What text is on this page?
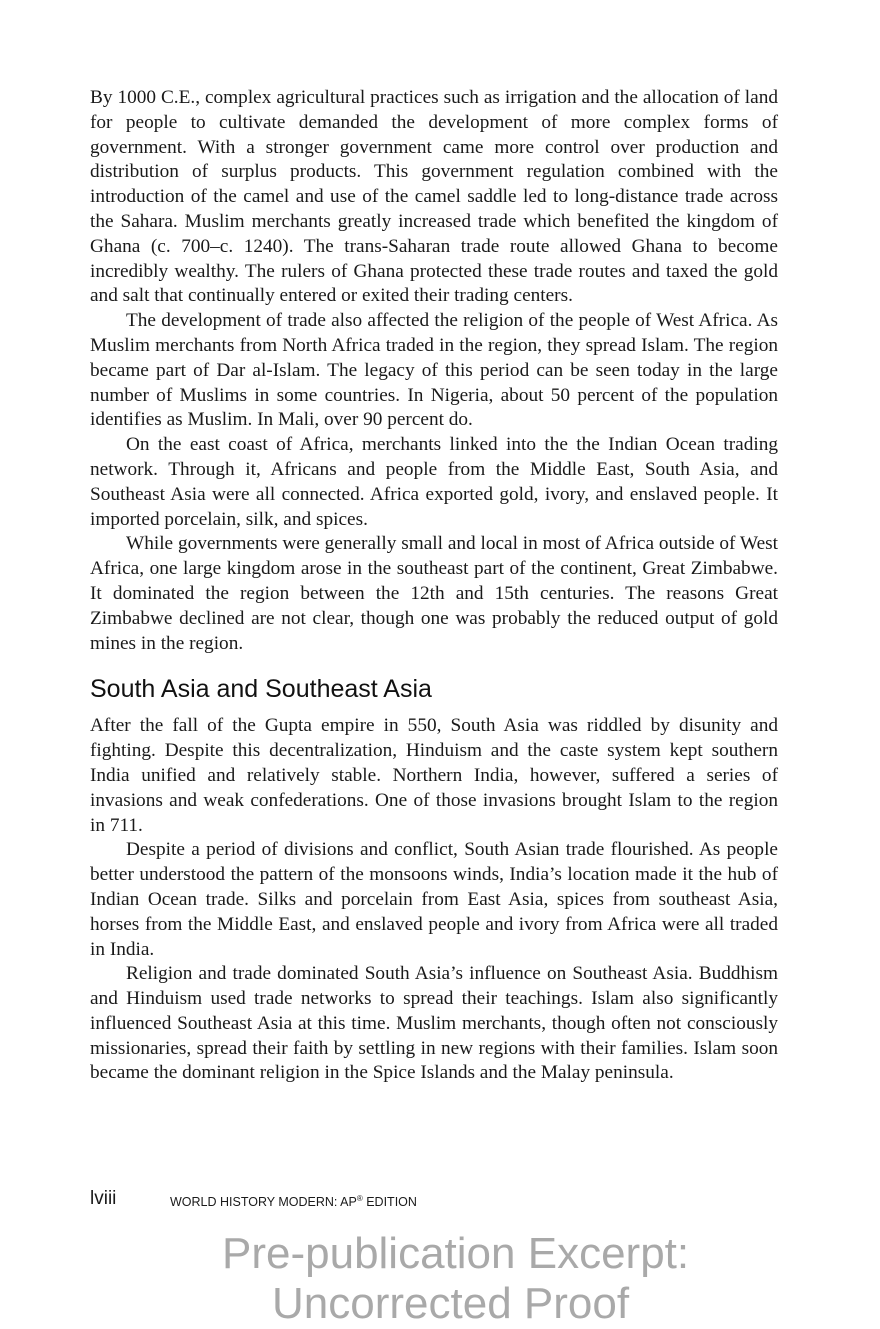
By 1000 C.E., complex agricultural practices such as irrigation and the allocation of land for people to cultivate demanded the development of more complex forms of government. With a stronger government came more control over production and distribution of surplus products. This government regulation combined with the introduction of the camel and use of the camel saddle led to long-distance trade across the Sahara. Muslim merchants greatly increased trade which benefited the kingdom of Ghana (c. 700–c. 1240). The trans-Saharan trade route allowed Ghana to become incredibly wealthy. The rulers of Ghana protected these trade routes and taxed the gold and salt that continually entered or exited their trading centers.

The development of trade also affected the religion of the people of West Africa. As Muslim merchants from North Africa traded in the region, they spread Islam. The region became part of Dar al-Islam. The legacy of this period can be seen today in the large number of Muslims in some countries. In Nigeria, about 50 percent of the population identifies as Muslim. In Mali, over 90 percent do.

On the east coast of Africa, merchants linked into the the Indian Ocean trading network. Through it, Africans and people from the Middle East, South Asia, and Southeast Asia were all connected. Africa exported gold, ivory, and enslaved people. It imported porcelain, silk, and spices.

While governments were generally small and local in most of Africa outside of West Africa, one large kingdom arose in the southeast part of the continent, Great Zimbabwe. It dominated the region between the 12th and 15th centuries. The reasons Great Zimbabwe declined are not clear, though one was probably the reduced output of gold mines in the region.

South Asia and Southeast Asia

After the fall of the Gupta empire in 550, South Asia was riddled by disunity and fighting. Despite this decentralization, Hinduism and the caste system kept southern India unified and relatively stable. Northern India, however, suffered a series of invasions and weak confederations. One of those invasions brought Islam to the region in 711.

Despite a period of divisions and conflict, South Asian trade flourished. As people better understood the pattern of the monsoons winds, India’s location made it the hub of Indian Ocean trade. Silks and porcelain from East Asia, spices from southeast Asia, horses from the Middle East, and enslaved people and ivory from Africa were all traded in India.

Religion and trade dominated South Asia’s influence on Southeast Asia. Buddhism and Hinduism used trade networks to spread their teachings. Islam also significantly influenced Southeast Asia at this time. Muslim merchants, though often not consciously missionaries, spread their faith by settling in new regions with their families. Islam soon became the dominant religion in the Spice Islands and the Malay peninsula.

lviii	WORLD HISTORY MODERN: AP® EDITION
Pre-publication Excerpt:
Uncorrected Proof
